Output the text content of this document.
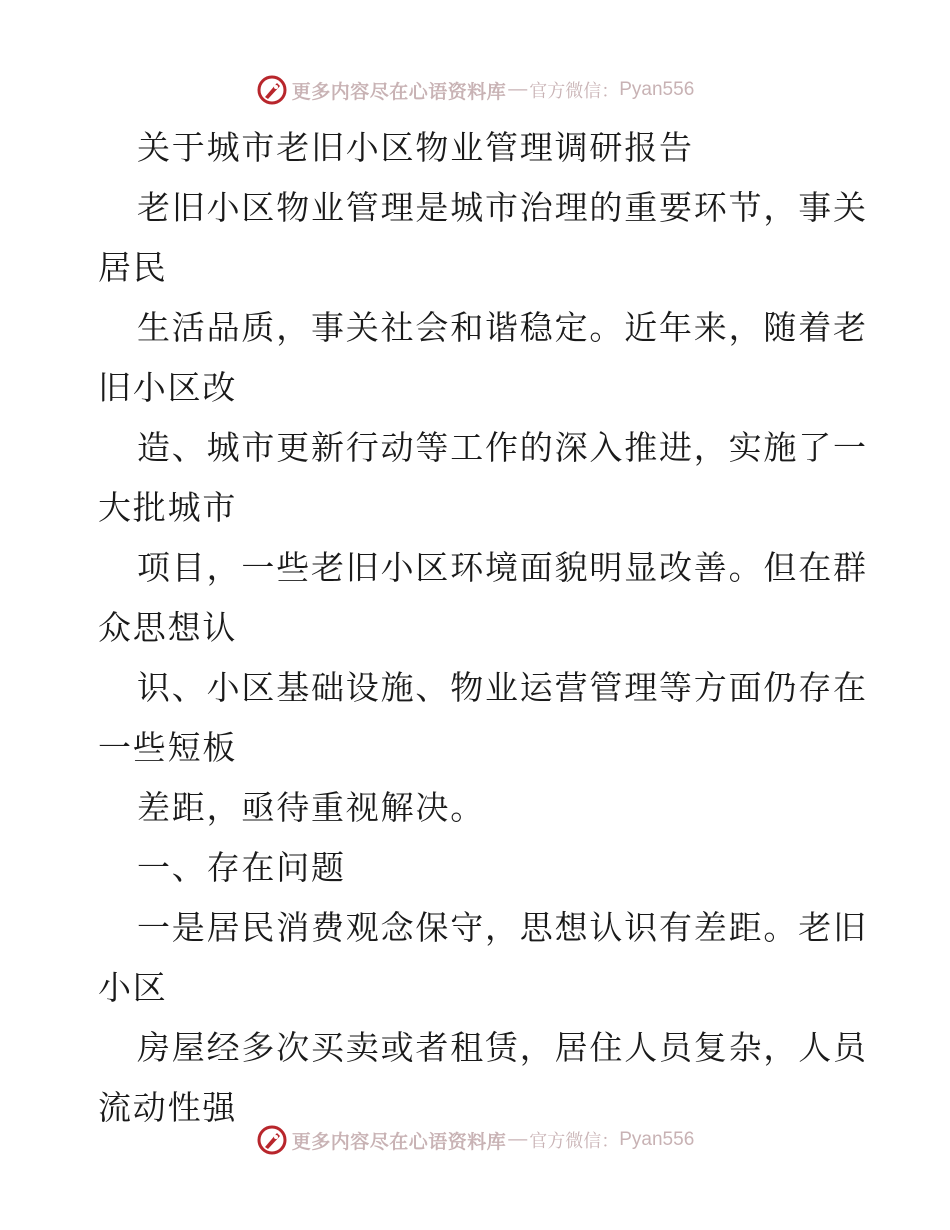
更多内容尽在心语资料库 — 官方微信： Pyan556
关于城市老旧小区物业管理调研报告
老旧小区物业管理是城市治理的重要环节，事关
居民
生活品质，事关社会和谐稳定。近年来，随着老
旧小区改
造、城市更新行动等工作的深入推进，实施了一
大批城市
项目，一些老旧小区环境面貌明显改善。但在群
众思想认
识、小区基础设施、物业运营管理等方面仍存在
一些短板
差距，亟待重视解决。
一、存在问题
一是居民消费观念保守，思想认识有差距。老旧
小区
房屋经多次买卖或者租赁，居住人员复杂，人员
流动性强
更多内容尽在心语资料库 — 官方微信： Pyan556
